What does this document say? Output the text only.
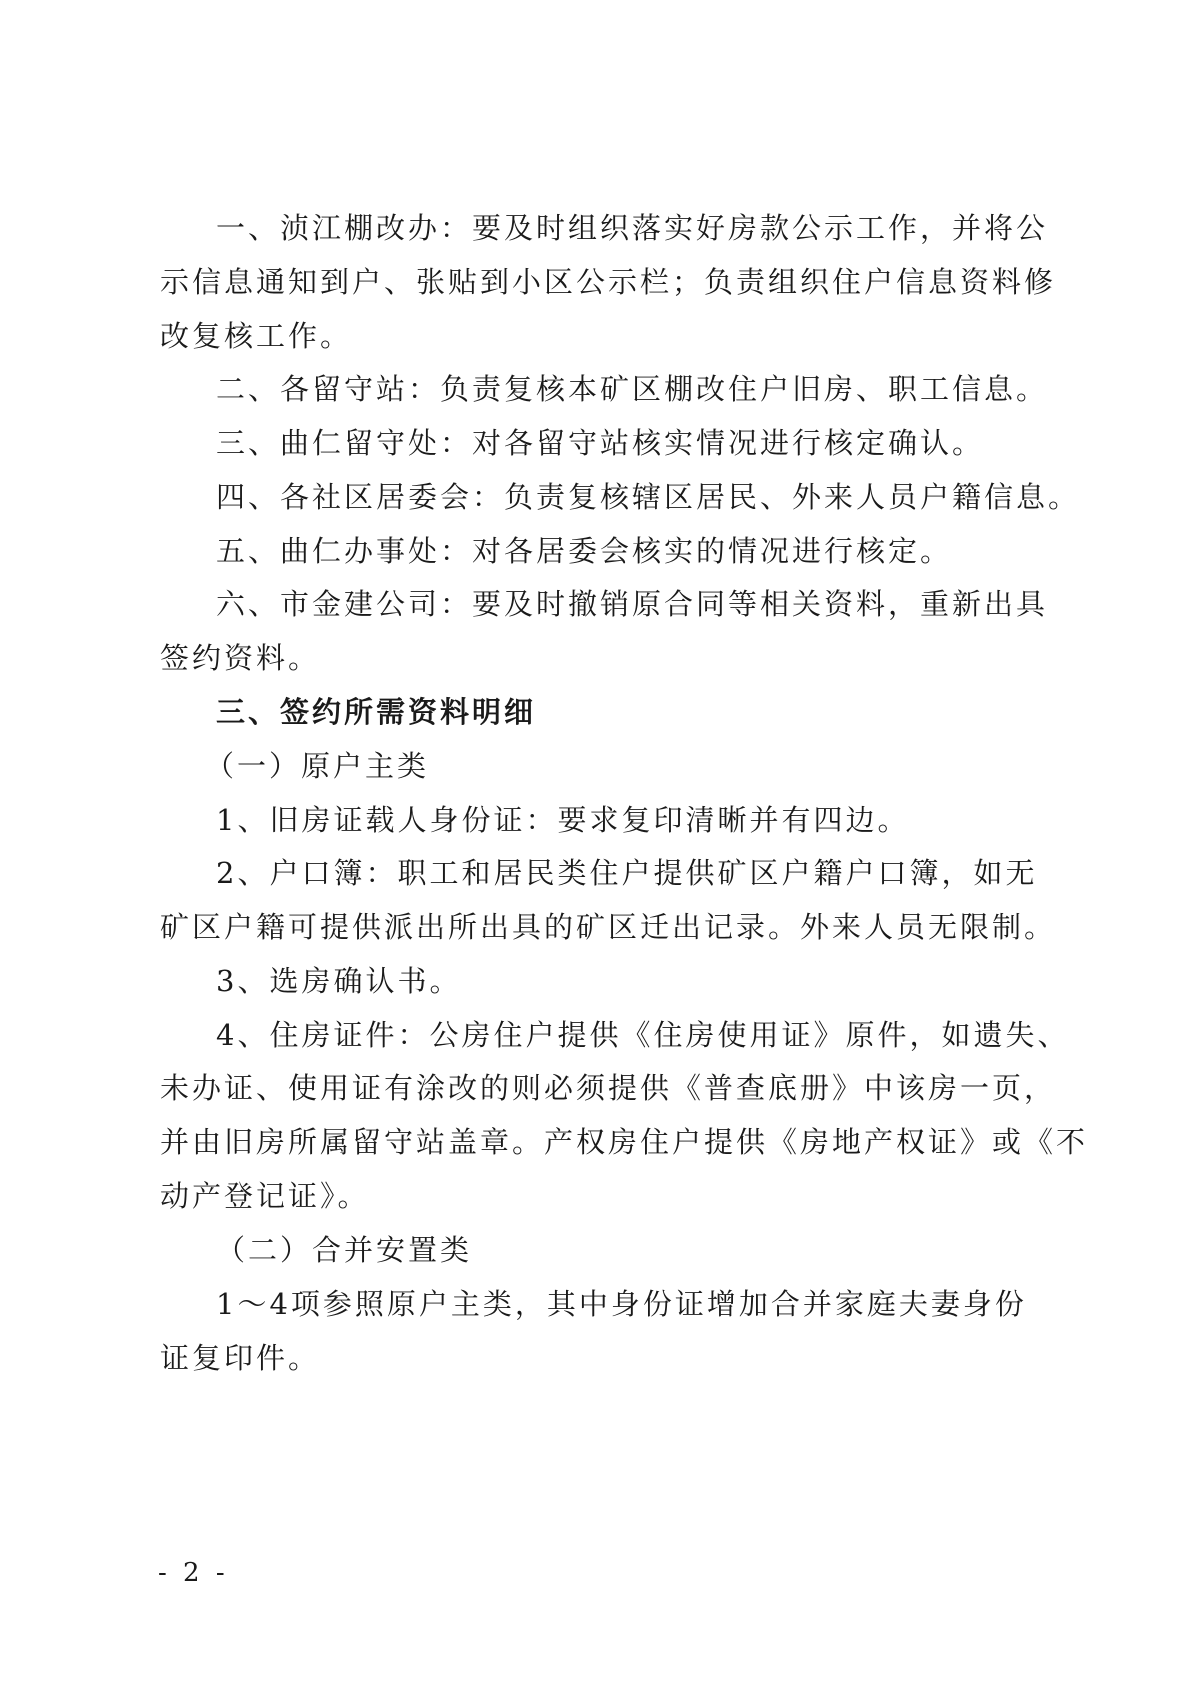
一、浈江棚改办：要及时组织落实好房款公示工作，并将公
示信息通知到户、张贴到小区公示栏；负责组织住户信息资料修
改复核工作。
二、各留守站：负责复核本矿区棚改住户旧房、职工信息。
三、曲仁留守处：对各留守站核实情况进行核定确认。
四、各社区居委会：负责复核辖区居民、外来人员户籍信息。
五、曲仁办事处：对各居委会核实的情况进行核定。
六、市金建公司：要及时撤销原合同等相关资料，重新出具
签约资料。
三、签约所需资料明细
（一）原户主类
1、旧房证载人身份证：要求复印清晰并有四边。
2、户口簿：职工和居民类住户提供矿区户籍户口簿，如无
矿区户籍可提供派出所出具的矿区迁出记录。外来人员无限制。
3、选房确认书。
4、住房证件：公房住户提供《住房使用证》原件，如遗失、
未办证、使用证有涂改的则必须提供《普查底册》中该房一页，
并由旧房所属留守站盖章。产权房住户提供《房地产权证》或《不
动产登记证》。
（二）合并安置类
1～4项参照原户主类，其中身份证增加合并家庭夫妻身份
证复印件。
- 2 -
